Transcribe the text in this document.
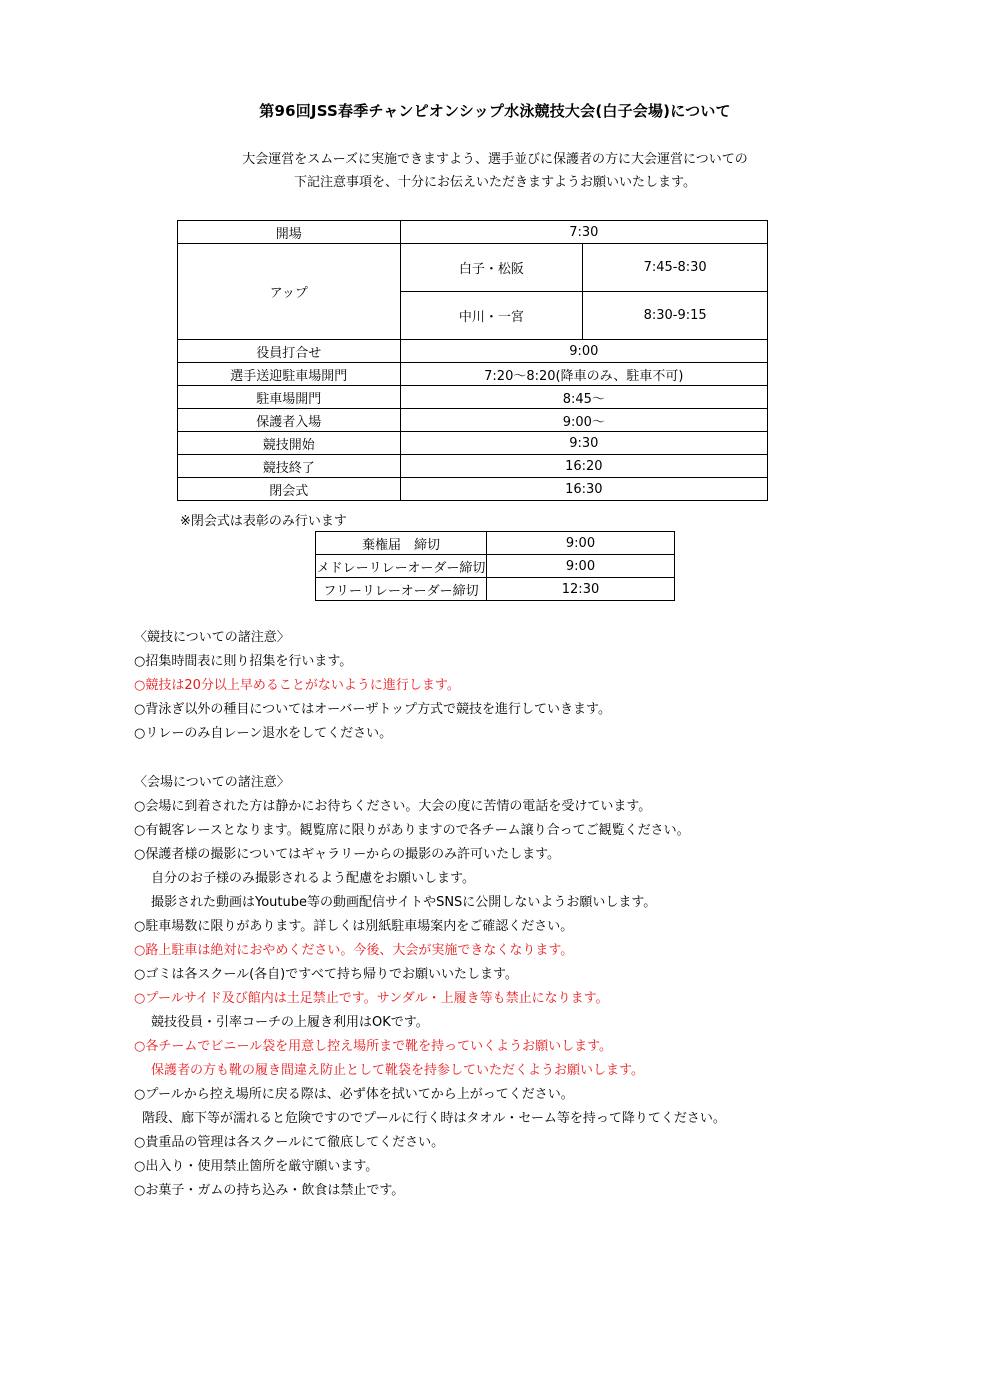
第96回JSS春季チャンピオンシップ水泳競技大会(白子会場)について
大会運営をスムーズに実施できますよう、選手並びに保護者の方に大会運営についての
下記注意事項を、十分にお伝えいただきますようお願いいたします。
開場	7:30	
アップ	白子・松阪	7:45-8:30
	中川・一宮	8:30-9:15
役員打合せ	9:00	
選手送迎駐車場開門	7:20～8:20(降車のみ、駐車不可)	
駐車場開門	8:45～	
保護者入場	9:00～	
競技開始	9:30	
競技終了	16:20	
閉会式	16:30	
※閉会式は表彰のみ行います
棄権届　締切	9:00
メドレーリレーオーダー締切	9:00
フリーリレーオーダー締切	12:30
〈競技についての諸注意〉
○招集時間表に則り招集を行います。
○競技は20分以上早めることがないように進行します。
○背泳ぎ以外の種目についてはオーバーザトップ方式で競技を進行していきます。
○リレーのみ自レーン退水をしてください。
〈会場についての諸注意〉
○会場に到着された方は静かにお待ちください。大会の度に苦情の電話を受けています。
○有観客レースとなります。観覧席に限りがありますので各チーム譲り合ってご観覧ください。
○保護者様の撮影についてはギャラリーからの撮影のみ許可いたします。
自分のお子様のみ撮影されるよう配慮をお願いします。
撮影された動画はYoutube等の動画配信サイトやSNSに公開しないようお願いします。
○駐車場数に限りがあります。詳しくは別紙駐車場案内をご確認ください。
○路上駐車は絶対におやめください。今後、大会が実施できなくなります。
○ゴミは各スクール(各自)ですべて持ち帰りでお願いいたします。
○プールサイド及び館内は土足禁止です。サンダル・上履き等も禁止になります。
競技役員・引率コーチの上履き利用はOKです。
○各チームでビニール袋を用意し控え場所まで靴を持っていくようお願いします。
保護者の方も靴の履き間違え防止として靴袋を持参していただくようお願いします。
○プールから控え場所に戻る際は、必ず体を拭いてから上がってください。
階段、廊下等が濡れると危険ですのでプールに行く時はタオル・セーム等を持って降りてください。
○貴重品の管理は各スクールにて徹底してください。
○出入り・使用禁止箇所を厳守願います。
○お菓子・ガムの持ち込み・飲食は禁止です。
